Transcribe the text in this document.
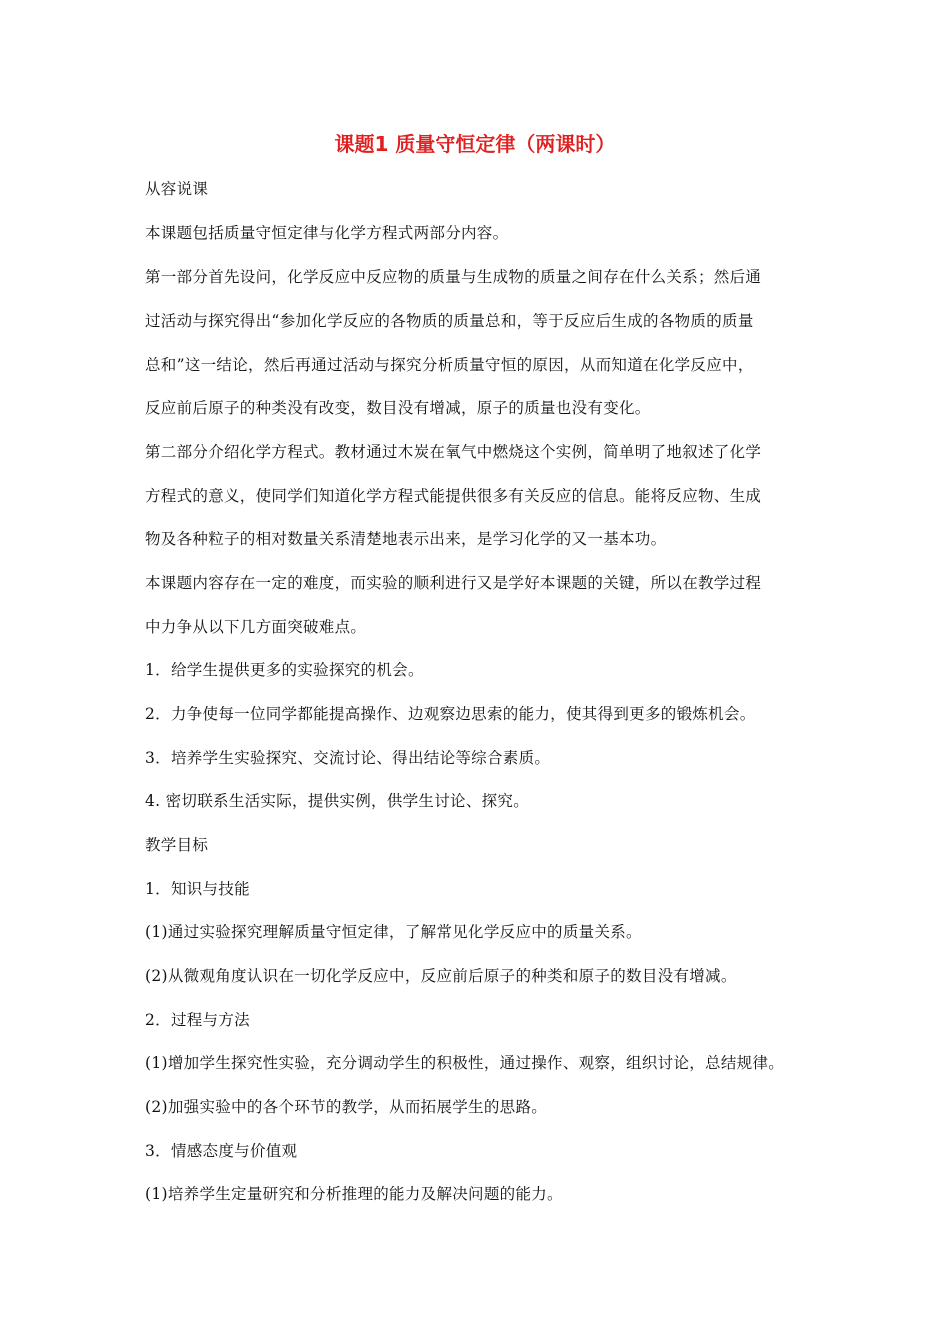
课题1 质量守恒定律（两课时）
从容说课
本课题包括质量守恒定律与化学方程式两部分内容。
第一部分首先设问，化学反应中反应物的质量与生成物的质量之间存在什么关系；然后通
过活动与探究得出“参加化学反应的各物质的质量总和，等于反应后生成的各物质的质量
总和”这一结论，然后再通过活动与探究分析质量守恒的原因，从而知道在化学反应中，
反应前后原子的种类没有改变，数目没有增减，原子的质量也没有变化。
第二部分介绍化学方程式。教材通过木炭在氧气中燃烧这个实例，简单明了地叙述了化学
方程式的意义，使同学们知道化学方程式能提供很多有关反应的信息。能将反应物、生成
物及各种粒子的相对数量关系清楚地表示出来，是学习化学的又一基本功。
本课题内容存在一定的难度，而实验的顺利进行又是学好本课题的关键，所以在教学过程
中力争从以下几方面突破难点。
1．给学生提供更多的实验探究的机会。
2．力争使每一位同学都能提高操作、边观察边思索的能力，使其得到更多的锻炼机会。
3．培养学生实验探究、交流讨论、得出结论等综合素质。
4. 密切联系生活实际，提供实例，供学生讨论、探究。
教学目标
1．知识与技能
(1)通过实验探究理解质量守恒定律，了解常见化学反应中的质量关系。
(2)从微观角度认识在一切化学反应中，反应前后原子的种类和原子的数目没有增减。
2．过程与方法
(1)增加学生探究性实验，充分调动学生的积极性，通过操作、观察，组织讨论，总结规律。
(2)加强实验中的各个环节的教学，从而拓展学生的思路。
3．情感态度与价值观
(1)培养学生定量研究和分析推理的能力及解决问题的能力。
